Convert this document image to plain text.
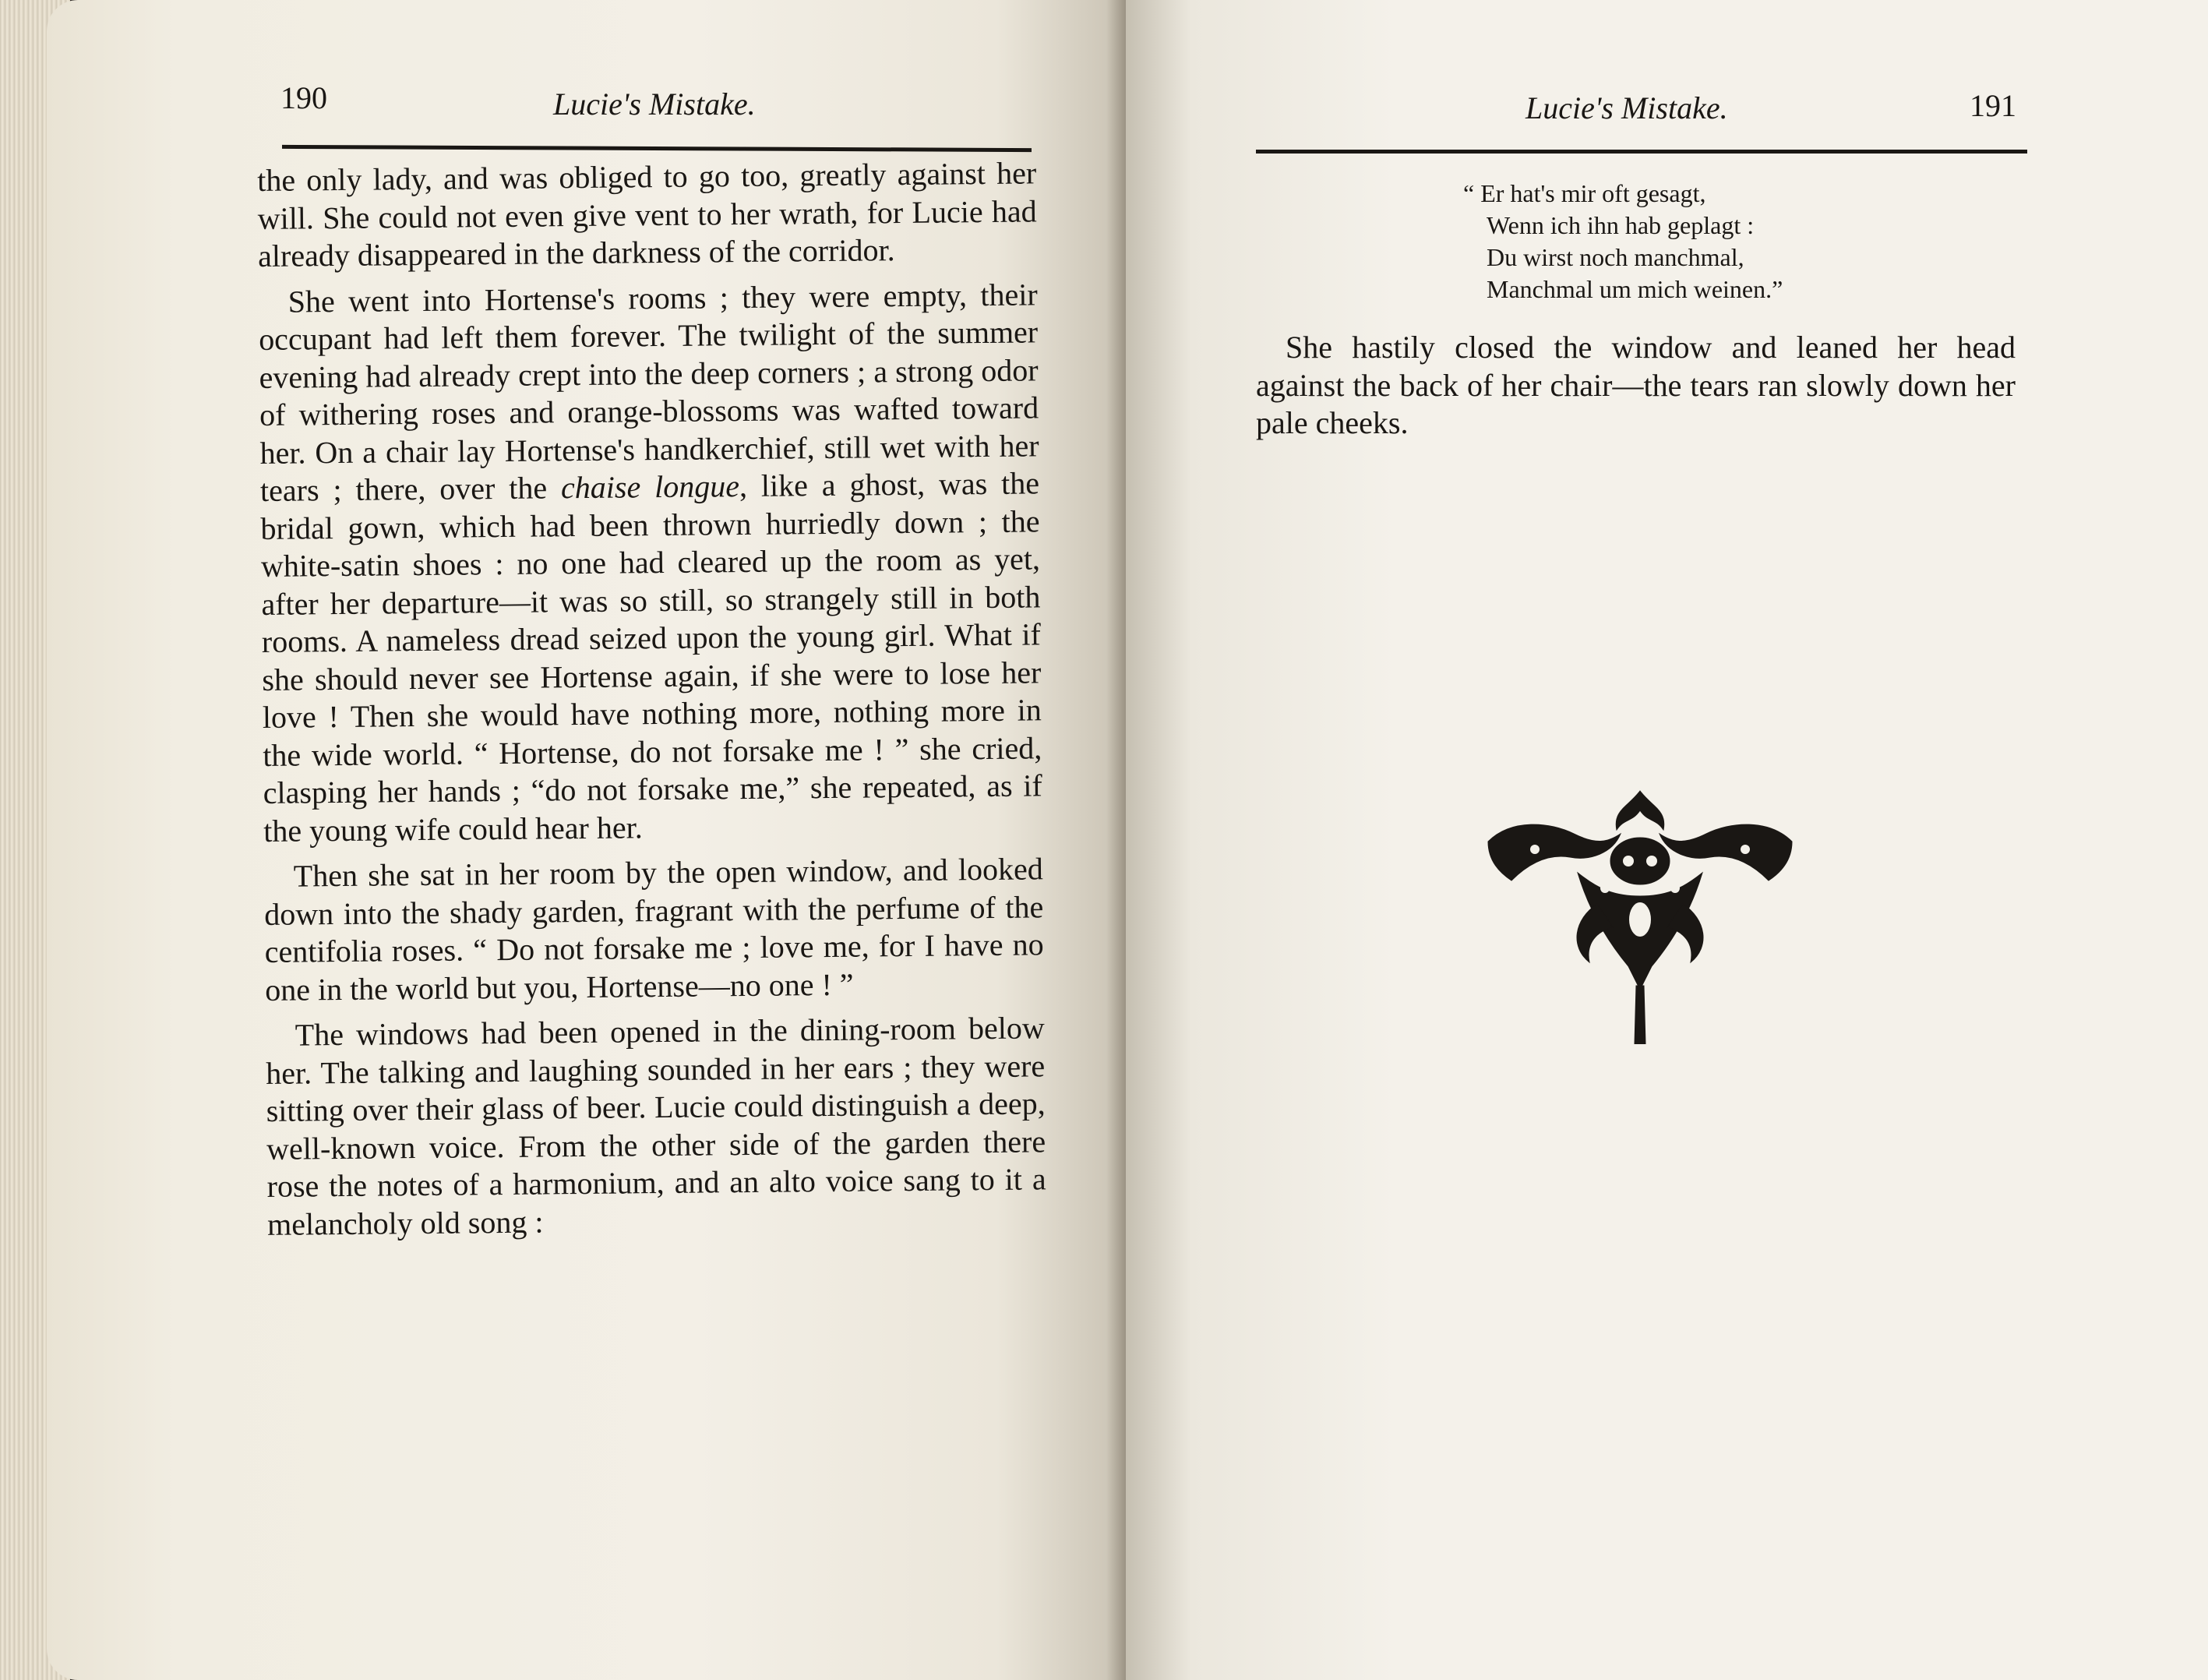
190	Lucie's Mistake.

the only lady, and was obliged to go too, greatly against her will. She could not even give vent to her wrath, for Lucie had already disappeared in the darkness of the corridor.

She went into Hortense's rooms ; they were empty, their occupant had left them forever. The twilight of the summer evening had already crept into the deep corners ; a strong odor of withering roses and orange-blossoms was wafted toward her. On a chair lay Hortense's handkerchief, still wet with her tears ; there, over the chaise longue, like a ghost, was the bridal gown, which had been thrown hurriedly down ; the white-satin shoes : no one had cleared up the room as yet, after her departure—it was so still, so strangely still in both rooms. A nameless dread seized upon the young girl. What if she should never see Hortense again, if she were to lose her love ! Then she would have nothing more, nothing more in the wide world. “ Hortense, do not forsake me ! ” she cried, clasping her hands ; “do not forsake me,” she repeated, as if the young wife could hear her.

Then she sat in her room by the open window, and looked down into the shady garden, fragrant with the perfume of the centifolia roses. “ Do not forsake me ; love me, for I have no one in the world but you, Hortense—no one ! ”

The windows had been opened in the dining-room below her. The talking and laughing sounded in her ears ; they were sitting over their glass of beer. Lucie could distinguish a deep, well-known voice. From the other side of the garden there rose the notes of a harmonium, and an alto voice sang to it a melancholy old song :

Lucie's Mistake.	191
“ Er hat's mir oft gesagt,
Wenn ich ihn hab geplagt :
Du wirst noch manchmal,
Manchmal um mich weinen.”
She hastily closed the window and leaned her head against the back of her chair—the tears ran slowly down her pale cheeks.
